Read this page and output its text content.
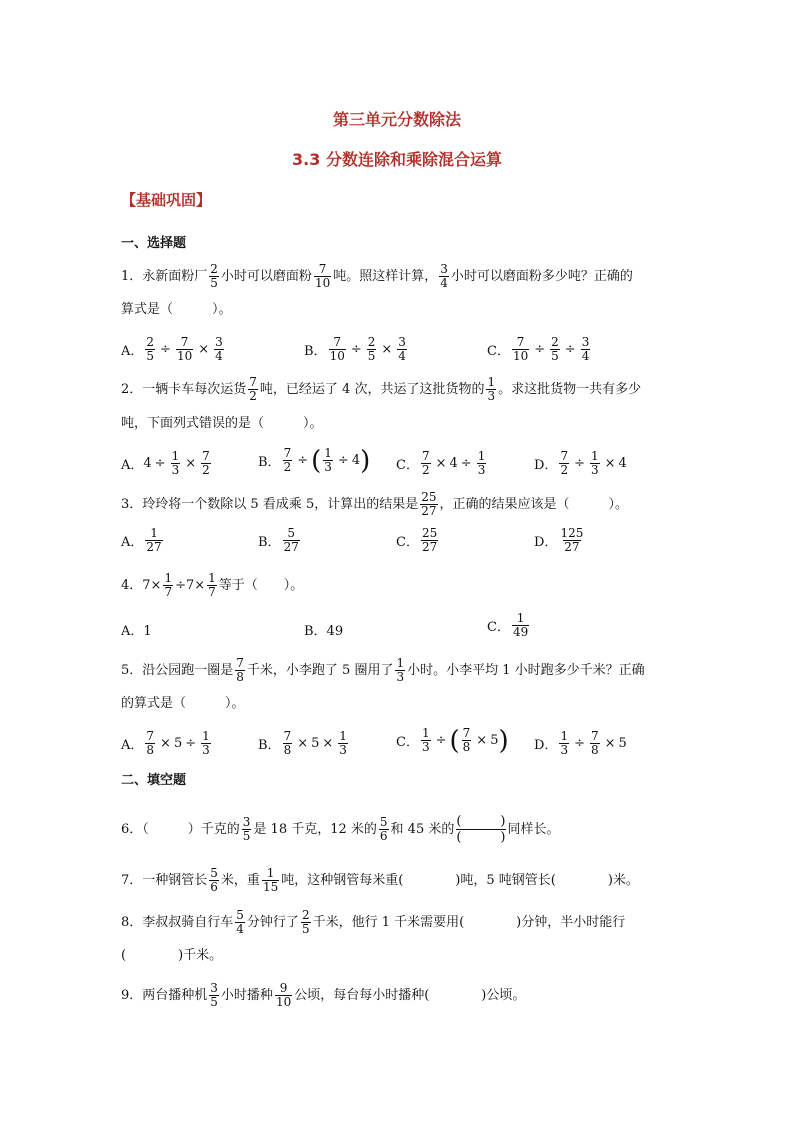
第三单元分数除法
3.3 分数连除和乘除混合运算
【基础巩固】
一、选择题
1．永新面粉厂 $\frac{2}{5}$ 小时可以磨面粉 $\frac{7}{10}$ 吨。照这样计算， $\frac{3}{4}$ 小时可以磨面粉多少吨？正确的
算式是（　　　）。
A． $\frac{2}{5} \div \frac{7}{10} \times \frac{3}{4}$	B． $\frac{7}{10} \div \frac{2}{5} \times \frac{3}{4}$	C． $\frac{7}{10} \div \frac{2}{5} \div \frac{3}{4}$
2．一辆卡车每次运货 $\frac{7}{2}$ 吨，已经运了 4 次，共运了这批货物的 $\frac{1}{3}$ 。求这批货物一共有多少
吨，下面列式错误的是（　　　）。
A． $4 \div \frac{1}{3} \times \frac{7}{2}$	B． $\frac{7}{2}$ ÷ ( $\frac{1}{3} \div 4$ ) C． $\frac{7}{2} \times 4 \div \frac{1}{3}$	D． $\frac{7}{2} \div \frac{1}{3} \times 4$
3．玲玲将一个数除以 5 看成乘 5，计算出的结果是 $\frac{25}{27}$ ，正确的结果应该是（　　　）。
A． $\frac{1}{27}$	B． $\frac{5}{27}$	C． $\frac{25}{27}$	D． $\frac{125}{27}$
4．$7\times \frac{1}{7} \div 7\times \frac{1}{7}$ 等于（　　）。
A．1	B．49	C． $\frac{1}{49}$
5．沿公园跑一圈是 $\frac{7}{8}$ 千米，小李跑了 5 圈用了 $\frac{1}{3}$ 小时。小李平均 1 小时跑多少千米？正确
的算式是（　　　）。
A． $\frac{7}{8} \times 5 \div \frac{1}{3}$	B． $\frac{7}{8} \times 5 \times \frac{1}{3}$	C． $\frac{1}{3}$ ÷ ( $\frac{7}{8} \times 5$ ) D． $\frac{1}{3} \div \frac{7}{8} \times 5$
二、填空题
6．（　　　）千克的 $\frac{3}{5}$ 是 18 千克，12 米的 $\frac{5}{6}$ 和 45 米的 $\frac{( )}{( )}$ 同样长。
7．一种钢管长 $\frac{5}{6}$ 米，重 $\frac{1}{15}$ 吨，这种钢管每米重(　　　　)吨，5 吨钢管长(　　　　)米。
8．李叔叔骑自行车 $\frac{5}{4}$ 分钟行了 $\frac{2}{5}$ 千米，他行 1 千米需要用(　　　　)分钟，半小时能行
(　　　　)千米。
9．两台播种机 $\frac{3}{5}$ 小时播种 $\frac{9}{10}$ 公顷，每台每小时播种(　　　　)公顷。
